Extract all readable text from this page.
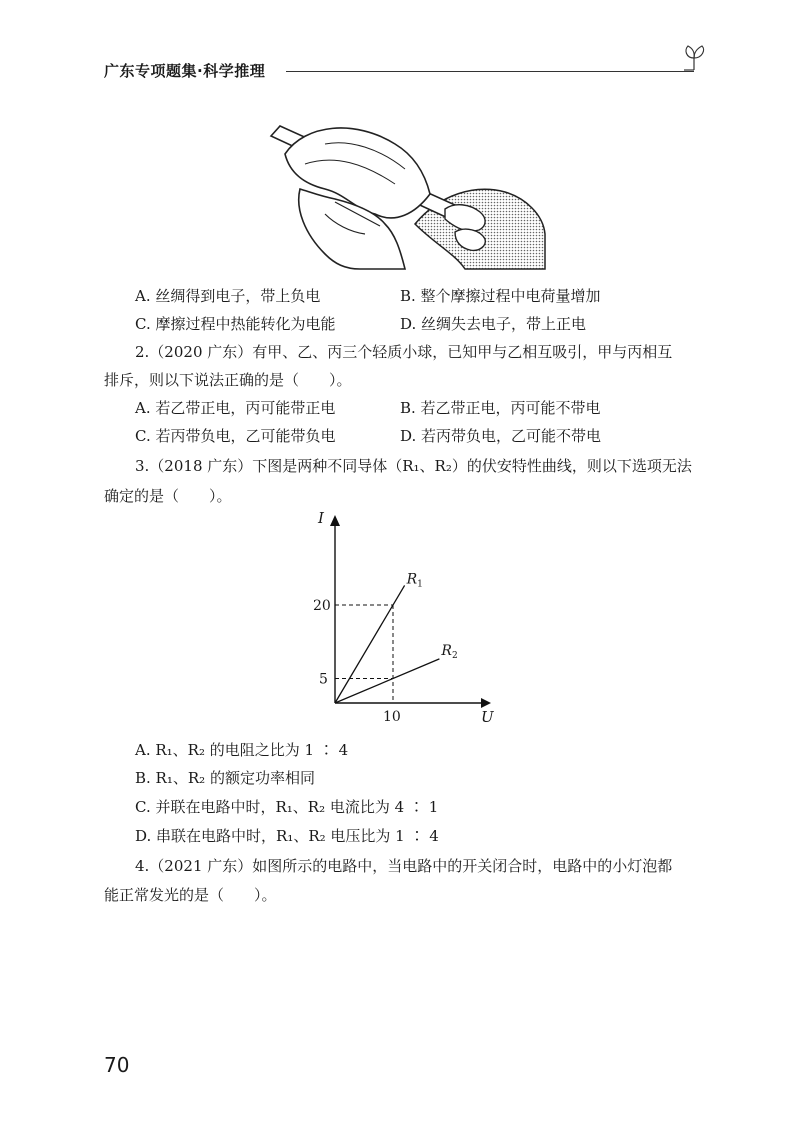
广东专项题集·科学推理
A. 丝绸得到电子，带上负电	B. 整个摩擦过程中电荷量增加
C. 摩擦过程中热能转化为电能	D. 丝绸失去电子，带上正电
2.（2020 广东）有甲、乙、丙三个轻质小球，已知甲与乙相互吸引，甲与丙相互
排斥，则以下说法正确的是（　　）。
A. 若乙带正电，丙可能带正电	B. 若乙带正电，丙可能不带电
C. 若丙带负电，乙可能带负电	D. 若丙带负电，乙可能不带电
3.（2018 广东）下图是两种不同导体（R₁、R₂）的伏安特性曲线，则以下选项无法
确定的是（　　）。
I
U
10
20
5
$R_1$
$R_2$
A. R₁、R₂ 的电阻之比为 1 ∶ 4
B. R₁、R₂ 的额定功率相同
C. 并联在电路中时，R₁、R₂ 电流比为 4 ∶ 1
D. 串联在电路中时，R₁、R₂ 电压比为 1 ∶ 4
4.（2021 广东）如图所示的电路中，当电路中的开关闭合时，电路中的小灯泡都
能正常发光的是（　　）。
70
